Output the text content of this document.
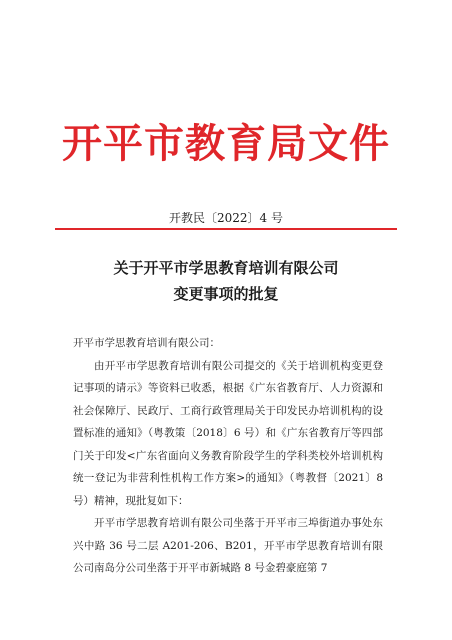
开平市教育局文件
开教民〔2022〕4 号
关于开平市学思教育培训有限公司
变更事项的批复

开平市学思教育培训有限公司：

由开平市学思教育培训有限公司提交的《关于培训机构变更登记事项的请示》等资料已收悉，根据《广东省教育厅、人力资源和社会保障厅、民政厅、工商行政管理局关于印发民办培训机构的设置标准的通知》（粤教策〔2018〕6 号）和《广东省教育厅等四部门关于印发<广东省面向义务教育阶段学生的学科类校外培训机构统一登记为非营利性机构工作方案>的通知》（粤教督〔2021〕8 号）精神，现批复如下：

开平市学思教育培训有限公司坐落于开平市三埠街道办事处东兴中路 36 号二层 A201-206、B201，开平市学思教育培训有限公司南岛分公司坐落于开平市新城路 8 号金碧豪庭第 7
